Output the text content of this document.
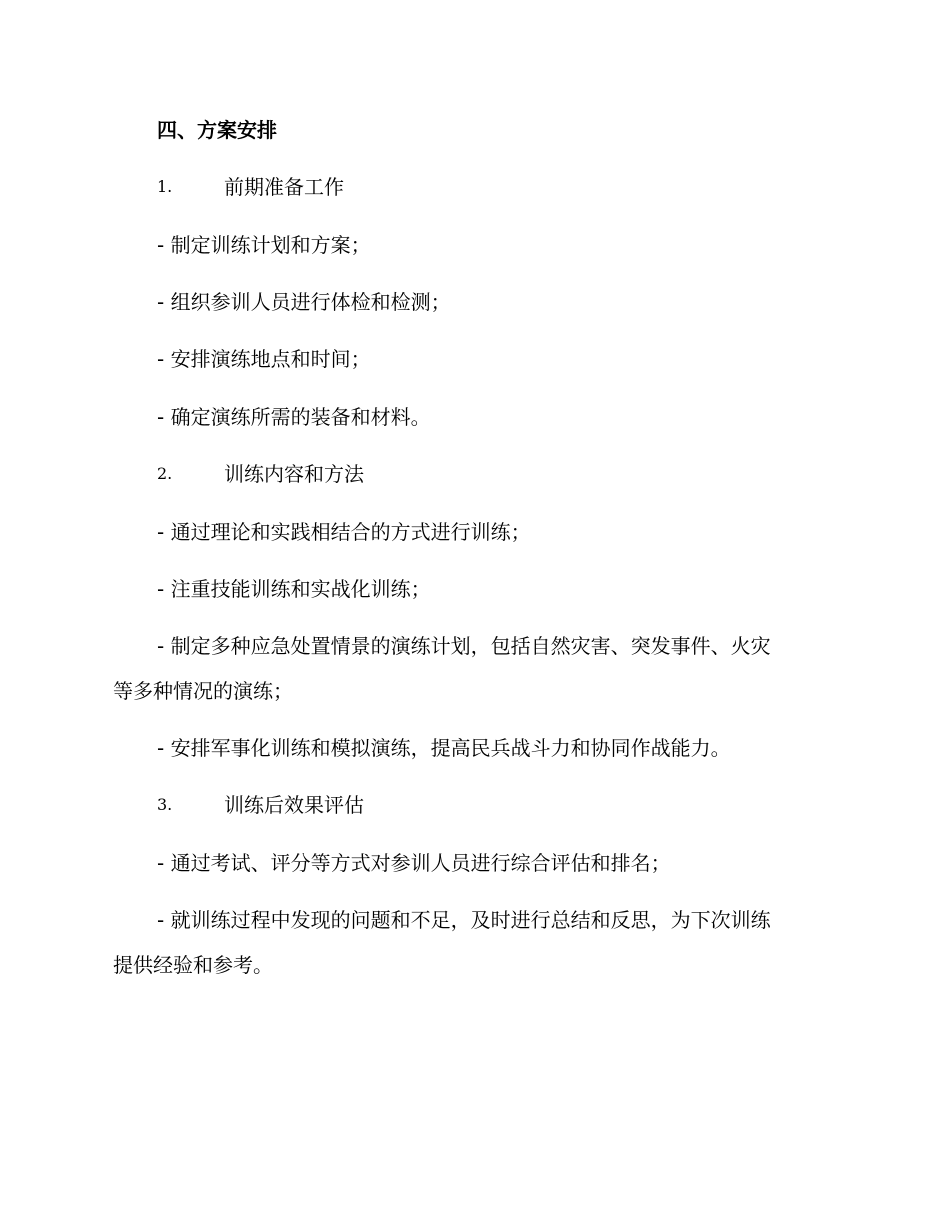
四、方案安排
1.	前期准备工作
- 制定训练计划和方案；
- 组织参训人员进行体检和检测；
- 安排演练地点和时间；
- 确定演练所需的装备和材料。
2.	训练内容和方法
- 通过理论和实践相结合的方式进行训练；
- 注重技能训练和实战化训练；
- 制定多种应急处置情景的演练计划，包括自然灾害、突发事件、火灾
等多种情况的演练；
- 安排军事化训练和模拟演练，提高民兵战斗力和协同作战能力。
3.	训练后效果评估
- 通过考试、评分等方式对参训人员进行综合评估和排名；
- 就训练过程中发现的问题和不足，及时进行总结和反思，为下次训练
提供经验和参考。
